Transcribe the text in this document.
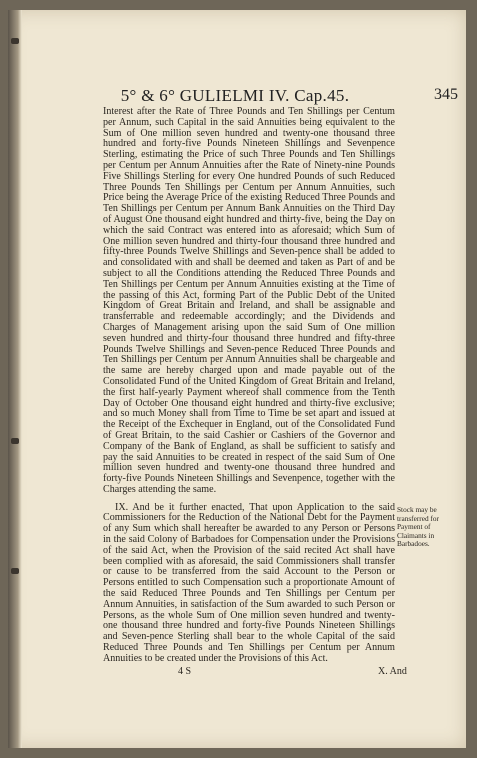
5° & 6° GULIELMI IV. Cap.45.	345

Interest after the Rate of Three Pounds and Ten Shillings per Centum per Annum, such Capital in the said Annuities being equivalent to the Sum of One million seven hundred and twenty-one thousand three hundred and forty-five Pounds Nineteen Shillings and Sevenpence Sterling, estimating the Price of such Three Pounds and Ten Shillings per Centum per Annum Annuities after the Rate of Ninety-nine Pounds Five Shillings Sterling for every One hundred Pounds of such Reduced Three Pounds Ten Shillings per Centum per Annum Annuities, such Price being the Average Price of the existing Reduced Three Pounds and Ten Shillings per Centum per Annum Bank Annuities on the Third Day of August One thousand eight hundred and thirty-five, being the Day on which the said Contract was entered into as aforesaid; which Sum of One million seven hundred and thirty-four thousand three hundred and fifty-three Pounds Twelve Shillings and Seven-pence shall be added to and consolidated with and shall be deemed and taken as Part of and be subject to all the Conditions attending the Reduced Three Pounds and Ten Shillings per Centum per Annum Annuities existing at the Time of the passing of this Act, forming Part of the Public Debt of the United Kingdom of Great Britain and Ireland, and shall be assignable and transferrable and redeemable accordingly; and the Dividends and Charges of Management arising upon the said Sum of One million seven hundred and thirty-four thousand three hundred and fifty-three Pounds Twelve Shillings and Seven-pence Reduced Three Pounds and Ten Shillings per Centum per Annum Annuities shall be chargeable and the same are hereby charged upon and made payable out of the Consolidated Fund of the United Kingdom of Great Britain and Ireland, the first half-yearly Payment whereof shall commence from the Tenth Day of October One thousand eight hundred and thirty-five exclusive; and so much Money shall from Time to Time be set apart and issued at the Receipt of the Exchequer in England, out of the Consolidated Fund of Great Britain, to the said Cashier or Cashiers of the Governor and Company of the Bank of England, as shall be sufficient to satisfy and pay the said Annuities to be created in respect of the said Sum of One million seven hundred and twenty-one thousand three hundred and forty-five Pounds Nineteen Shillings and Sevenpence, together with the Charges attending the same.

IX. And be it further enacted, That upon Application to the said Commissioners for the Reduction of the National Debt for the Payment of any Sum which shall hereafter be awarded to any Person or Persons in the said Colony of Barbadoes for Compensation under the Provisions of the said Act, when the Provision of the said recited Act shall have been complied with as aforesaid, the said Commissioners shall transfer or cause to be transferred from the said Account to the Person or Persons entitled to such Compensation such a proportionate Amount of the said Reduced Three Pounds and Ten Shillings per Centum per Annum Annuities, in satisfaction of the Sum awarded to such Person or Persons, as the whole Sum of One million seven hundred and twenty-one thousand three hundred and forty-five Pounds Nineteen Shillings and Seven-pence Sterling shall bear to the whole Capital of the said Reduced Three Pounds and Ten Shillings per Centum per Annum Annuities to be created under the Provisions of this Act.

Stock may be transferred for Payment of Claimants in Barbadoes.
4 S	X. And
